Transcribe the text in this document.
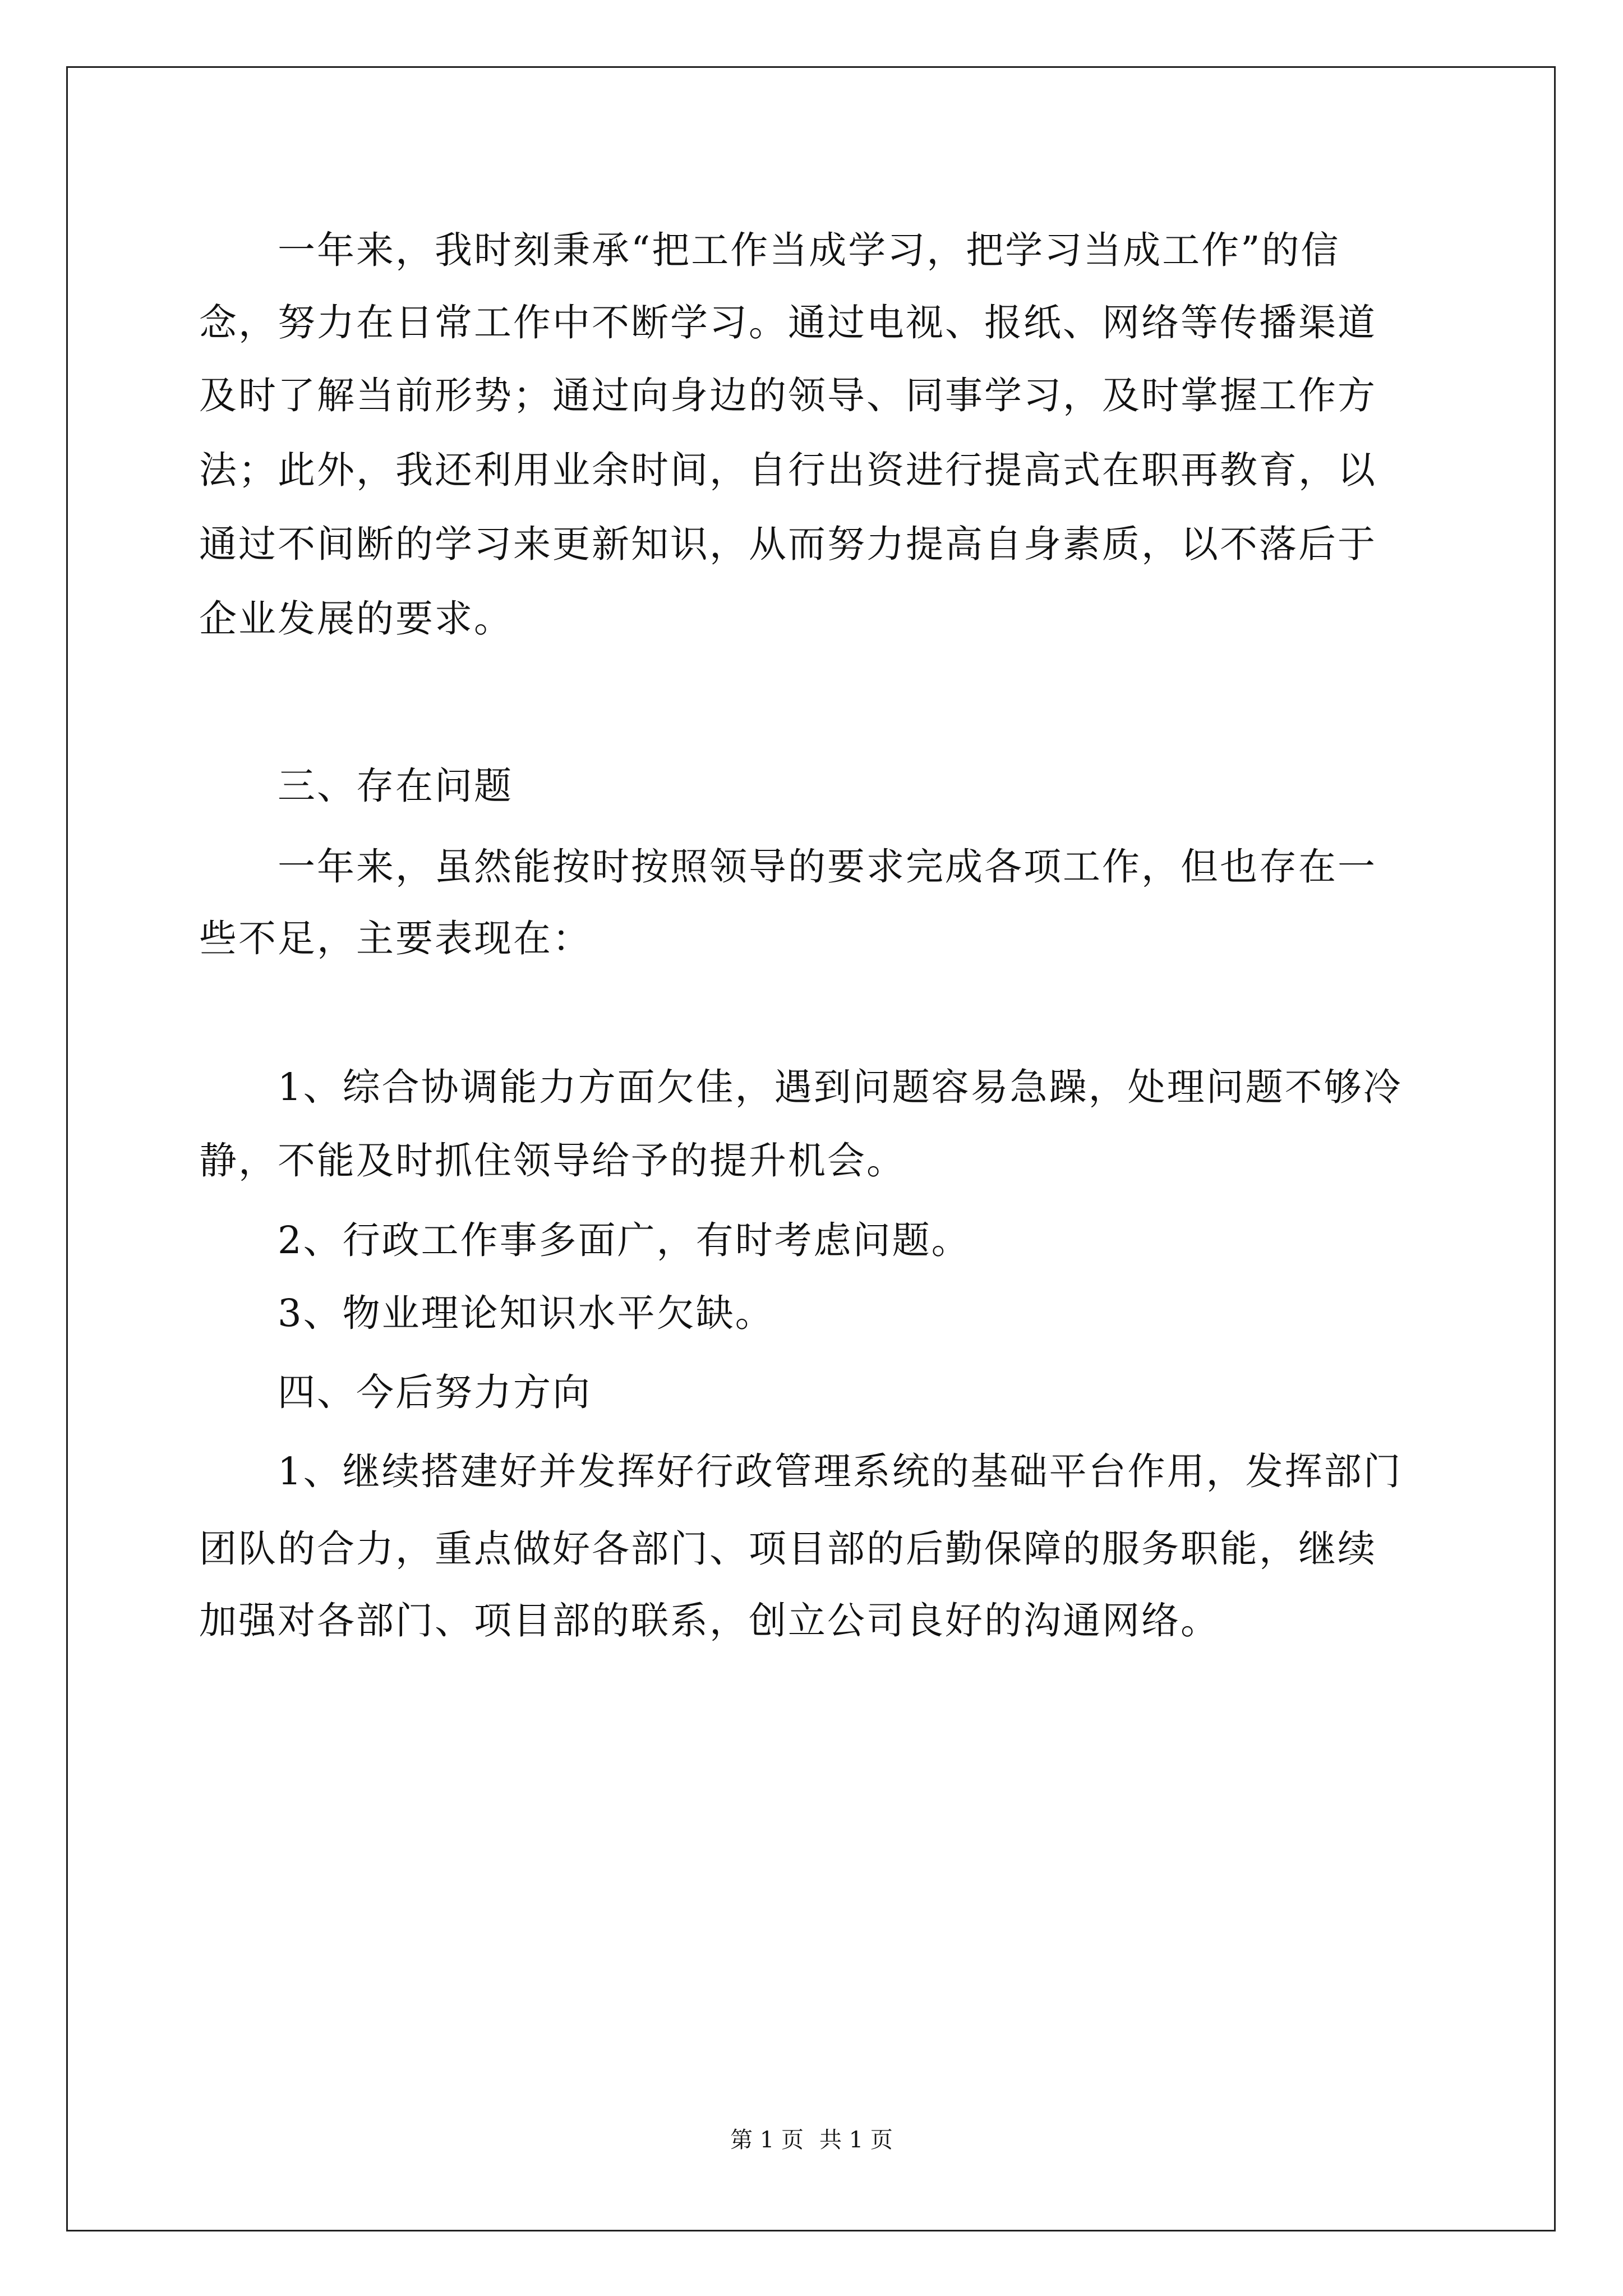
　　一年来，我时刻秉承“把工作当成学习，把学习当成工作”的信
念，努力在日常工作中不断学习。通过电视、报纸、网络等传播渠道
及时了解当前形势；通过向身边的领导、同事学习，及时掌握工作方
法；此外，我还利用业余时间，自行出资进行提高式在职再教育，以
通过不间断的学习来更新知识，从而努力提高自身素质，以不落后于
企业发展的要求。
　　三、存在问题
　　一年来，虽然能按时按照领导的要求完成各项工作，但也存在一
些不足，主要表现在：
　　1、综合协调能力方面欠佳，遇到问题容易急躁，处理问题不够冷
静，不能及时抓住领导给予的提升机会。
　　2、行政工作事多面广，有时考虑问题。
　　3、物业理论知识水平欠缺。
　　四、今后努力方向
　　1、继续搭建好并发挥好行政管理系统的基础平台作用，发挥部门
团队的合力，重点做好各部门、项目部的后勤保障的服务职能，继续
加强对各部门、项目部的联系，创立公司良好的沟通网络。
第 1 页 共 1 页
